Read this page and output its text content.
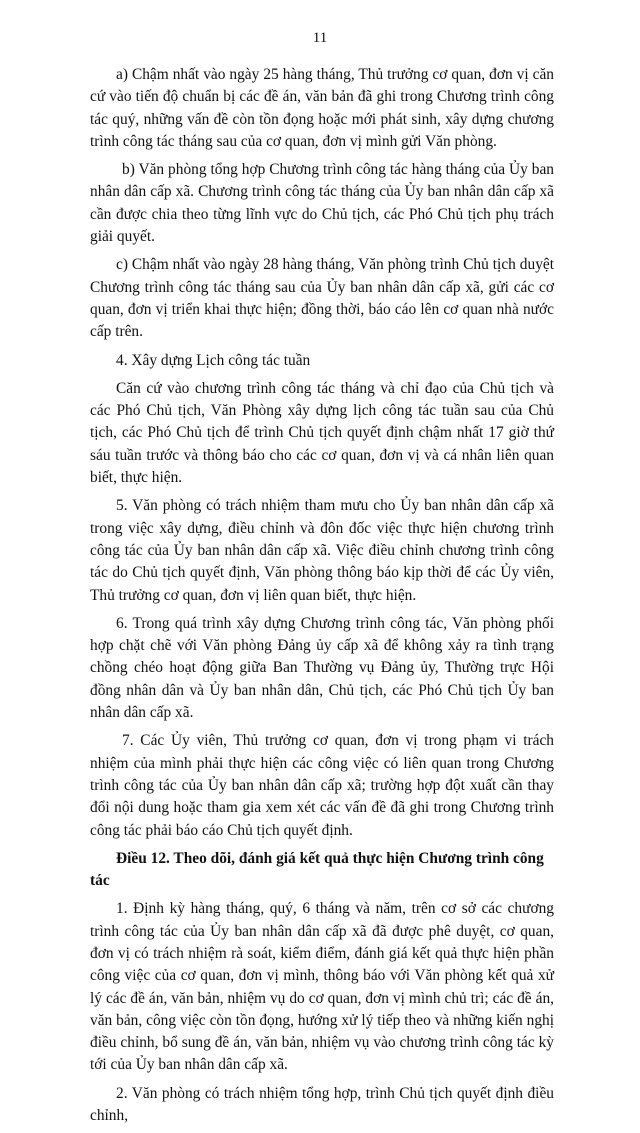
11

a) Chậm nhất vào ngày 25 hàng tháng, Thủ trưởng cơ quan, đơn vị căn cứ vào tiến độ chuẩn bị các đề án, văn bản đã ghi trong Chương trình công tác quý, những vấn đề còn tồn đọng hoặc mới phát sinh, xây dựng chương trình công tác tháng sau của cơ quan, đơn vị mình gửi Văn phòng.

b) Văn phòng tổng hợp Chương trình công tác hàng tháng của Ủy ban nhân dân cấp xã. Chương trình công tác tháng của Ủy ban nhân dân cấp xã cần được chia theo từng lĩnh vực do Chủ tịch, các Phó Chủ tịch phụ trách giải quyết.

c) Chậm nhất vào ngày 28 hàng tháng, Văn phòng trình Chủ tịch duyệt Chương trình công tác tháng sau của Ủy ban nhân dân cấp xã, gửi các cơ quan, đơn vị triển khai thực hiện; đồng thời, báo cáo lên cơ quan nhà nước cấp trên.

4. Xây dựng Lịch công tác tuần

Căn cứ vào chương trình công tác tháng và chỉ đạo của Chủ tịch và các Phó Chủ tịch, Văn Phòng xây dựng lịch công tác tuần sau của Chủ tịch, các Phó Chủ tịch để trình Chủ tịch quyết định chậm nhất 17 giờ thứ sáu tuần trước và thông báo cho các cơ quan, đơn vị và cá nhân liên quan biết, thực hiện.

5. Văn phòng có trách nhiệm tham mưu cho Ủy ban nhân dân cấp xã trong việc xây dựng, điều chỉnh và đôn đốc việc thực hiện chương trình công tác của Ủy ban nhân dân cấp xã. Việc điều chỉnh chương trình công tác do Chủ tịch quyết định, Văn phòng thông báo kịp thời để các Ủy viên, Thủ trưởng cơ quan, đơn vị liên quan biết, thực hiện.

6. Trong quá trình xây dựng Chương trình công tác, Văn phòng phối hợp chặt chẽ với Văn phòng Đảng ủy cấp xã để không xảy ra tình trạng chồng chéo hoạt động giữa Ban Thường vụ Đảng ủy, Thường trực Hội đồng nhân dân và Ủy ban nhân dân, Chủ tịch, các Phó Chủ tịch Ủy ban nhân dân cấp xã.

7. Các Ủy viên, Thủ trưởng cơ quan, đơn vị trong phạm vi trách nhiệm của mình phải thực hiện các công việc có liên quan trong Chương trình công tác của Ủy ban nhân dân cấp xã; trường hợp đột xuất cần thay đổi nội dung hoặc tham gia xem xét các vấn đề đã ghi trong Chương trình công tác phải báo cáo Chủ tịch quyết định.

Điều 12. Theo dõi, đánh giá kết quả thực hiện Chương trình công tác

1. Định kỳ hàng tháng, quý, 6 tháng và năm, trên cơ sở các chương trình công tác của Ủy ban nhân dân cấp xã đã được phê duyệt, cơ quan, đơn vị có trách nhiệm rà soát, kiểm điểm, đánh giá kết quả thực hiện phần công việc của cơ quan, đơn vị mình, thông báo với Văn phòng kết quả xử lý các đề án, văn bản, nhiệm vụ do cơ quan, đơn vị mình chủ trì; các đề án, văn bản, công việc còn tồn đọng, hướng xử lý tiếp theo và những kiến nghị điều chỉnh, bổ sung đề án, văn bản, nhiệm vụ vào chương trình công tác kỳ tới của Ủy ban nhân dân cấp xã.

2. Văn phòng có trách nhiệm tổng hợp, trình Chủ tịch quyết định điều chỉnh,
